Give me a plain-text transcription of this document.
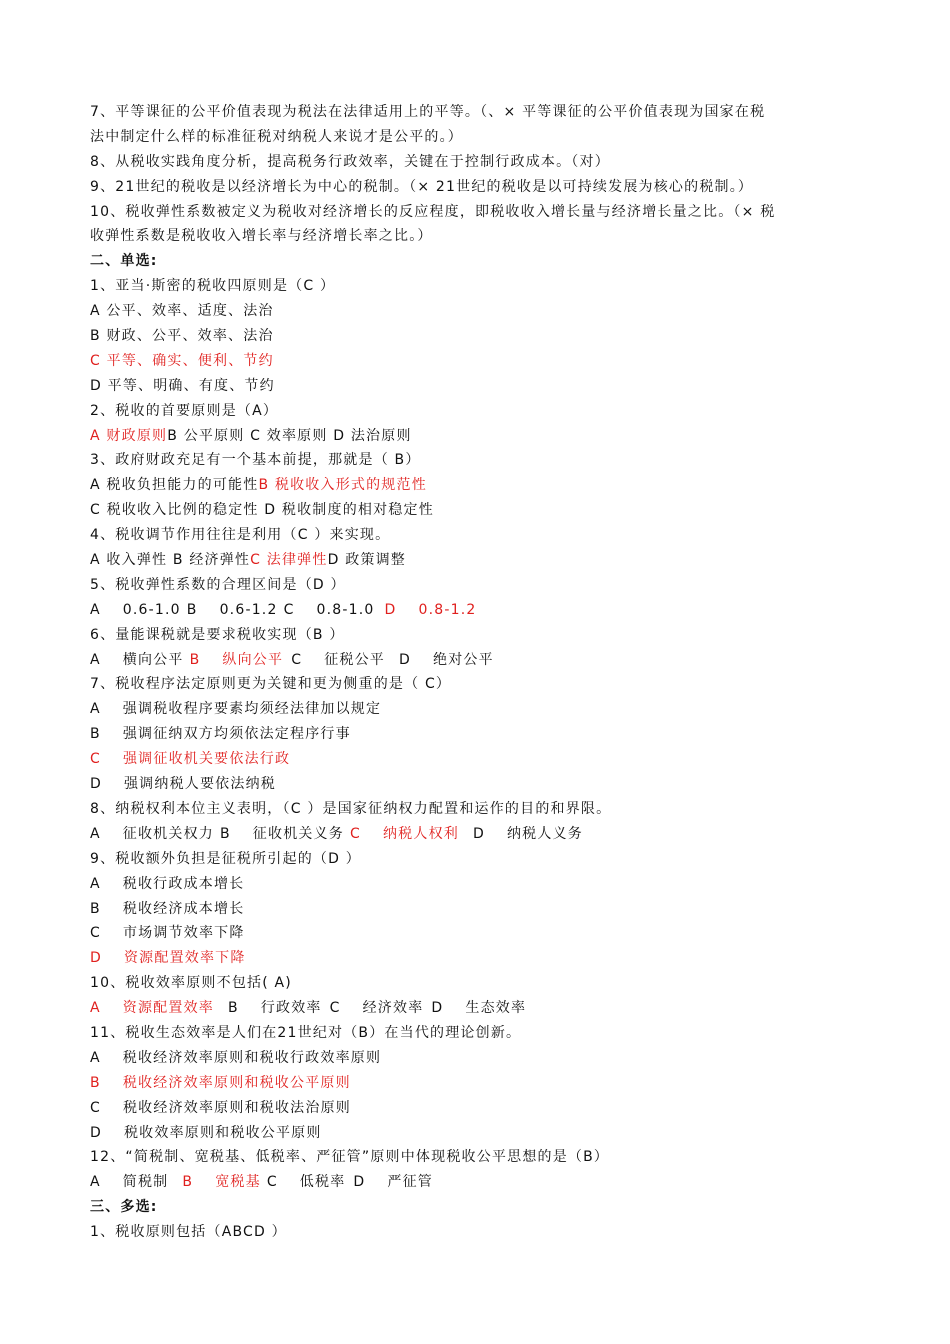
7、平等课征的公平价值表现为税法在法律适用上的平等。（、× 平等课征的公平价值表现为国家在税
法中制定什么样的标准征税对纳税人来说才是公平的。）
8、从税收实践角度分析，提高税务行政效率，关键在于控制行政成本。（对）
9、21世纪的税收是以经济增长为中心的税制。（× 21世纪的税收是以可持续发展为核心的税制。）
10、税收弹性系数被定义为税收对经济增长的反应程度，即税收收入增长量与经济增长量之比。（× 税
收弹性系数是税收收入增长率与经济增长率之比。）
二、单选:
1、亚当·斯密的税收四原则是（C ）
A 公平、效率、适度、法治
B 财政、公平、效率、法治
C 平等、确实、便利、节约
D 平等、明确、有度、节约
2、税收的首要原则是（A）
A 财政原则B 公平原则 C 效率原则 D 法治原则
3、政府财政充足有一个基本前提，那就是（ B）
A 税收负担能力的可能性B 税收收入形式的规范性
C 税收收入比例的稳定性 D 税收制度的相对稳定性
4、税收调节作用往往是利用（C ）来实现。
A 收入弹性 B 经济弹性C 法律弹性D 政策调整
5、税收弹性系数的合理区间是（D ）
A 0.6-1.0 B 0.6-1.2 C 0.8-1.0 D 0.8-1.2
6、量能课税就是要求税收实现（B ）
A 横向公平 B 纵向公平 C 征税公平 D 绝对公平
7、税收程序法定原则更为关键和更为侧重的是（ C）
A 强调税收程序要素均须经法律加以规定
B 强调征纳双方均须依法定程序行事
C 强调征收机关要依法行政
D 强调纳税人要依法纳税
8、纳税权利本位主义表明，（C ）是国家征纳权力配置和运作的目的和界限。
A 征收机关权力 B 征收机关义务 C 纳税人权利 D 纳税人义务
9、税收额外负担是征税所引起的（D ）
A 税收行政成本增长
B 税收经济成本增长
C 市场调节效率下降
D 资源配置效率下降
10、税收效率原则不包括( A)
A 资源配置效率 B 行政效率 C 经济效率 D 生态效率
11、税收生态效率是人们在21世纪对（B）在当代的理论创新。
A 税收经济效率原则和税收行政效率原则
B 税收经济效率原则和税收公平原则
C 税收经济效率原则和税收法治原则
D 税收效率原则和税收公平原则
12、“简税制、宽税基、低税率、严征管”原则中体现税收公平思想的是（B）
A 简税制 B 宽税基 C 低税率 D 严征管
三、多选:
1、税收原则包括（ABCD ）
